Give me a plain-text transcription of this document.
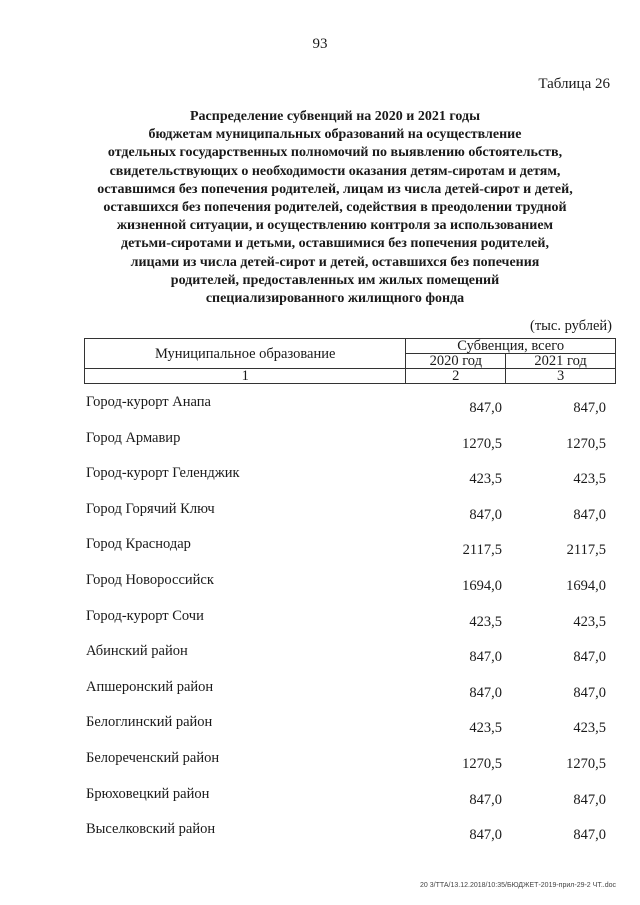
93
Таблица 26
Распределение субвенций на 2020 и 2021 годы
бюджетам муниципальных образований на осуществление
отдельных государственных полномочий по выявлению обстоятельств,
свидетельствующих о необходимости оказания детям-сиротам и детям,
оставшимся без попечения родителей, лицам из числа детей-сирот и детей,
оставшихся без попечения родителей, содействия в преодолении трудной
жизненной ситуации, и осуществлению контроля за использованием
детьми-сиротами и детьми, оставшимися без попечения родителей,
лицами из числа детей-сирот и детей, оставшихся без попечения
родителей, предоставленных им жилых помещений
специализированного жилищного фонда
(тыс. рублей)
Муниципальное образование	Субвенция, всего	
	2020 год	2021 год
1	2	3
Город-курорт Анапа	847,0	847,0
Город Армавир	1270,5	1270,5
Город-курорт Геленджик	423,5	423,5
Город Горячий Ключ	847,0	847,0
Город Краснодар	2117,5	2117,5
Город Новороссийск	1694,0	1694,0
Город-курорт Сочи	423,5	423,5
Абинский район	847,0	847,0
Апшеронский район	847,0	847,0
Белоглинский район	423,5	423,5
Белореченский район	1270,5	1270,5
Брюховецкий район	847,0	847,0
Выселковский район	847,0	847,0
20 3/ТТА/13.12.2018/10:35/БЮДЖЕТ-2019-прил-29-2 ЧТ..doc
